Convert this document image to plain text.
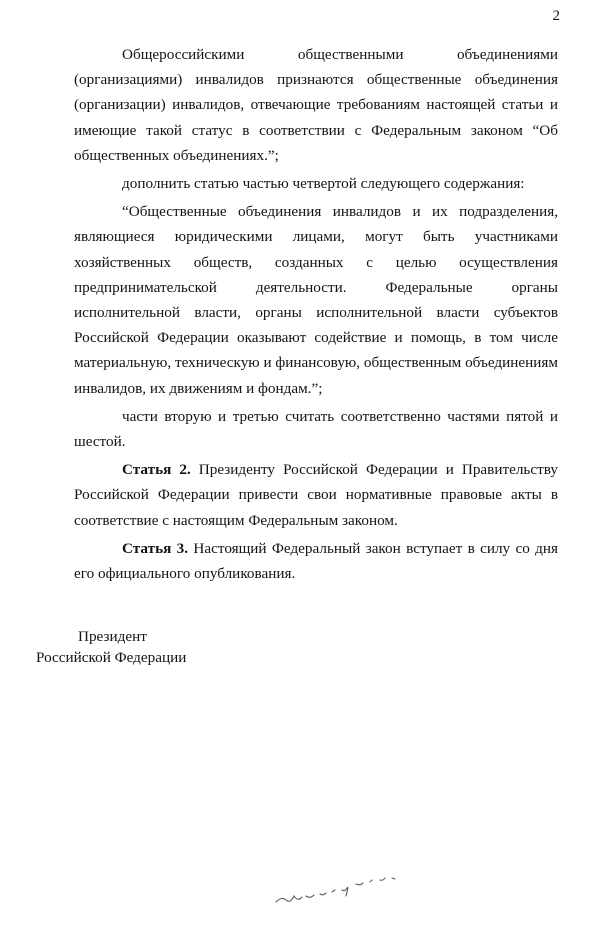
2

Общероссийскими общественными объединениями (организациями) инвалидов признаются общественные объединения (организации) инвалидов, отвечающие требованиям настоящей статьи и имеющие такой статус в соответствии с Федеральным законом “Об общественных объединениях.”;

дополнить статью частью четвертой следующего содержания:

“Общественные объединения инвалидов и их подразделения, являющиеся юридическими лицами, могут быть участниками хозяйственных обществ, созданных с целью осуществления предпринимательской деятельности. Федеральные органы исполнительной власти, органы исполнительной власти субъектов Российской Федерации оказывают содействие и помощь, в том числе материальную, техническую и финансовую, общественным объединениям инвалидов, их движениям и фондам.”;

части вторую и третью считать соответственно частями пятой и шестой.

Статья 2. Президенту Российской Федерации и Правительству Российской Федерации привести свои нормативные правовые акты в соответствие с настоящим Федеральным законом.

Статья 3. Настоящий Федеральный закон вступает в силу со дня его официального опубликования.

Президент
Российской Федерации
